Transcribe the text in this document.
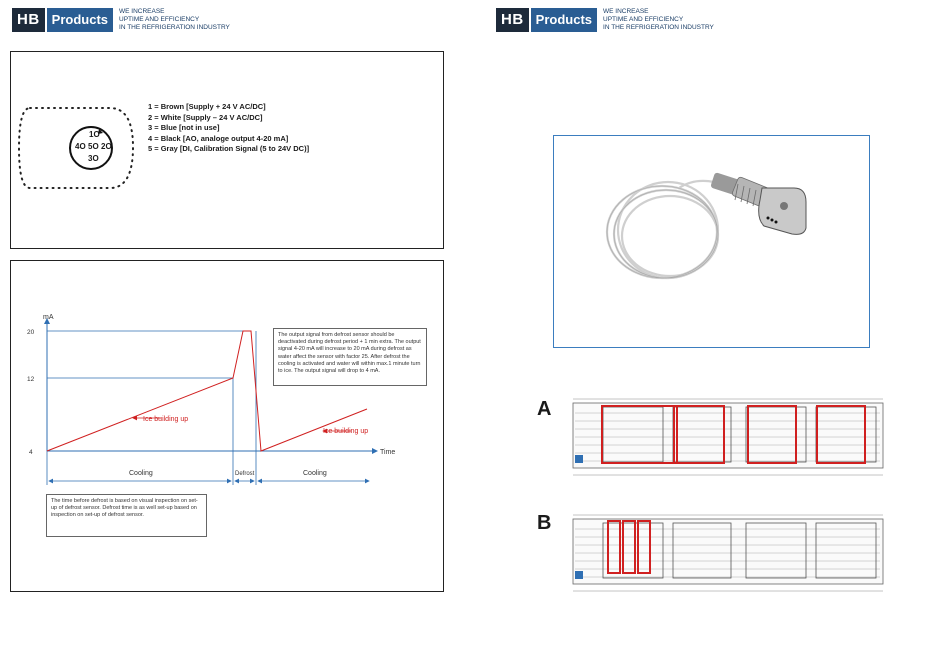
HB Products
WE INCREASE
UPTIME AND EFFICIENCY
IN THE REFRIGERATION INDUSTRY	HB Products
WE INCREASE
UPTIME AND EFFICIENCY
IN THE REFRIGERATION INDUSTRY
1O
4O 5O 2O
3O
1 = Brown [Supply + 24 V AC/DC]
2 = White [Supply – 24 V AC/DC]
3 = Blue [not in use]
4 = Black [AO, analoge output 4-20 mA]
5 = Gray [DI, Calibration Signal (5 to 24V DC)]
mA
Time
20
12
4
Ice building up
Ice building up
Cooling	Defrost	Cooling
The output signal from defrost sensor should be deactivated during defrost period + 1 min extra. The output signal 4-20 mA will increase to 20 mA during defrost as water affect the sensor with factor 25. After defrost the cooling is activated and water will within max.1 minute turn to ice. The output signal will drop to 4 mA.
The time before defrost is based on visual inspection on set-up of defrost sensor. Defrost time is as well set-up based on inspection on set-up of defrost sensor.
A
B
